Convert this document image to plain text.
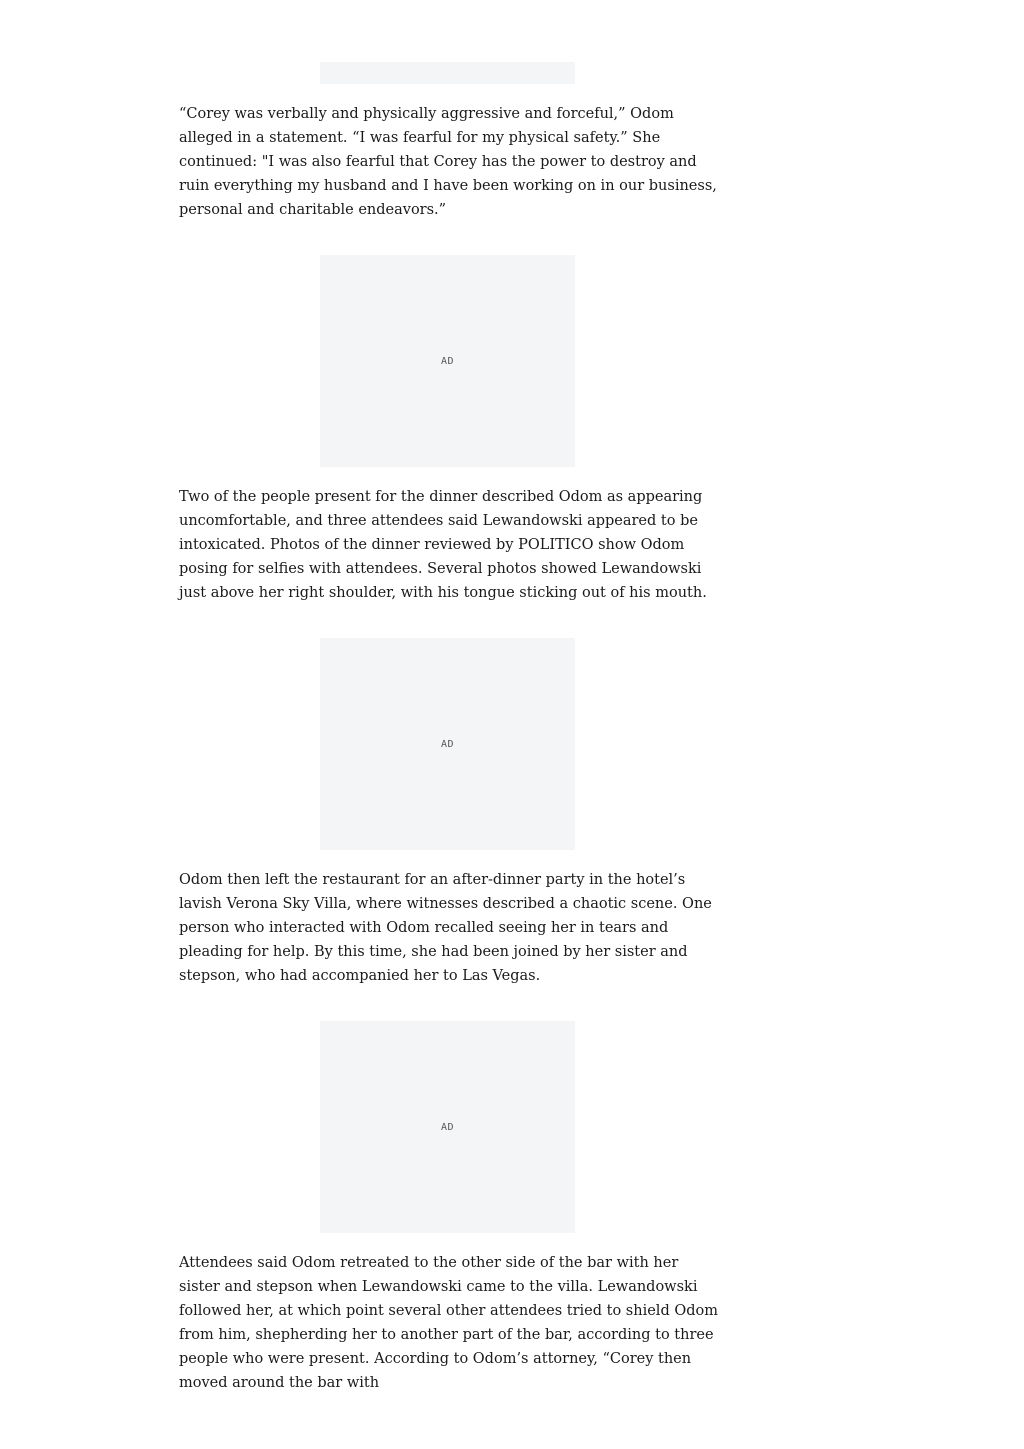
“Corey was verbally and physically aggressive and forceful,” Odom alleged in a statement. “I was fearful for my physical safety.” She continued: "I was also fearful that Corey has the power to destroy and ruin everything my husband and I have been working on in our business, personal and charitable endeavors.”

AD

Two of the people present for the dinner described Odom as appearing uncomfortable, and three attendees said Lewandowski appeared to be intoxicated. Photos of the dinner reviewed by POLITICO show Odom posing for selfies with attendees. Several photos showed Lewandowski just above her right shoulder, with his tongue sticking out of his mouth.

AD

Odom then left the restaurant for an after-dinner party in the hotel’s lavish Verona Sky Villa, where witnesses described a chaotic scene. One person who interacted with Odom recalled seeing her in tears and pleading for help. By this time, she had been joined by her sister and stepson, who had accompanied her to Las Vegas.

AD

Attendees said Odom retreated to the other side of the bar with her sister and stepson when Lewandowski came to the villa. Lewandowski followed her, at which point several other attendees tried to shield Odom from him, shepherding her to another part of the bar, according to three people who were present. According to Odom’s attorney, “Corey then moved around the bar with
